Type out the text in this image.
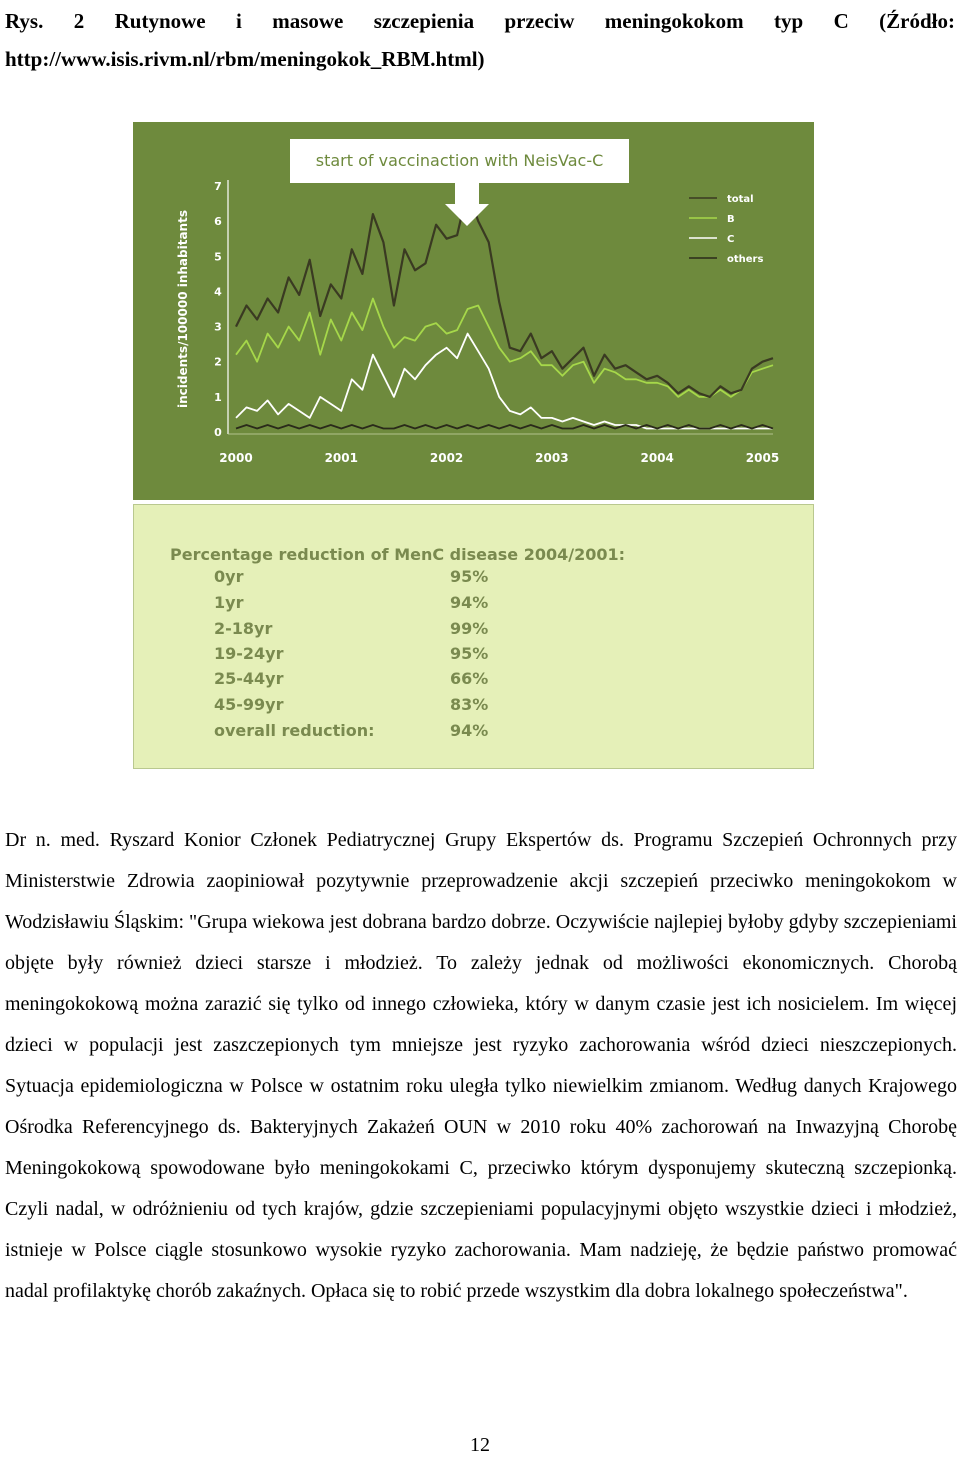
Rys. 2 Rutynowe i masowe szczepienia przeciw meningokokom typ C (Źródło:
http://www.isis.rivm.nl/rbm/meningokok_RBM.html)
0
1
2
3
4
5
6
7
incidents/100000 inhabitants
2000	2001	2002	2003	2004	2005
total
B
C
others
start of vaccinaction with NeisVac-C
Percentage reduction of MenC disease 2004/2001:
0yr	95%
1yr	94%
2-18yr	99%
19-24yr	95%
25-44yr	66%
45-99yr	83%
overall reduction:	94%
Dr n. med. Ryszard Konior Członek Pediatrycznej Grupy Ekspertów ds. Programu Szczepień Ochronnych przy Ministerstwie Zdrowia zaopiniował pozytywnie przeprowadzenie akcji szczepień przeciwko meningokokom w Wodzisławiu Śląskim: "Grupa wiekowa jest dobrana bardzo dobrze. Oczywiście najlepiej byłoby gdyby szczepieniami objęte były również dzieci starsze i młodzież. To zależy jednak od możliwości ekonomicznych. Chorobą meningokokową można zarazić się tylko od innego człowieka, który w danym czasie jest ich nosicielem. Im więcej dzieci w populacji jest zaszczepionych tym mniejsze jest ryzyko zachorowania wśród dzieci nieszczepionych. Sytuacja epidemiologiczna w Polsce w ostatnim roku uległa tylko niewielkim zmianom. Według danych Krajowego Ośrodka Referencyjnego ds. Bakteryjnych Zakażeń OUN w 2010 roku 40% zachorowań na Inwazyjną Chorobę Meningokokową spowodowane było meningokokami C, przeciwko którym dysponujemy skuteczną szczepionką. Czyli nadal, w odróżnieniu od tych krajów, gdzie szczepieniami populacyjnymi objęto wszystkie dzieci i młodzież, istnieje w Polsce ciągle stosunkowo wysokie ryzyko zachorowania. Mam nadzieję, że będzie państwo promować nadal profilaktykę chorób zakaźnych. Opłaca się to robić przede wszystkim dla dobra lokalnego społeczeństwa".
12
